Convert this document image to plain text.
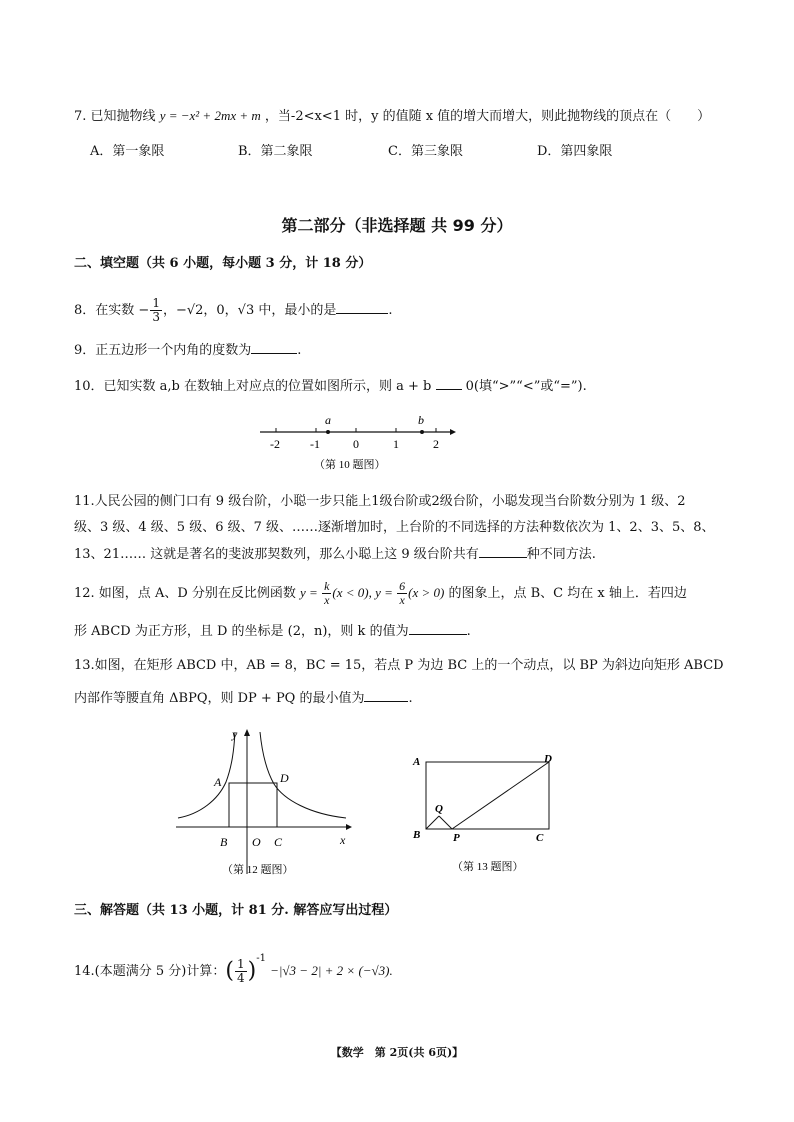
7. 已知抛物线 y = −x² + 2mx + m ，当-2<x<1 时，y 的值随 x 值的增大而增大，则此抛物线的顶点在（　　）
A．第一象限	B．第二象限	C．第三象限	D．第四象限
第二部分（非选择题 共 99 分）
二、填空题（共 6 小题，每小题 3 分，计 18 分）
8．在实数 − $\frac{1}{3}$ ，−√2，0，√3 中，最小的是	.
9．正五边形一个内角的度数为	.
10．已知实数 a,b 在数轴上对应点的位置如图所示，则 a + b	0(填“>”“<”或“=”).
a	b
-2	-1	0	1	2
（第 10 题图）
11.人民公园的侧门口有 9 级台阶，小聪一步只能上1级台阶或2级台阶，小聪发现当台阶数分别为 1 级、2
级、3 级、4 级、5 级、6 级、7 级、……逐渐增加时，上台阶的不同选择的方法种数依次为 1、2、3、5、8、
13、21…… 这就是著名的斐波那契数列，那么小聪上这 9 级台阶共有	种不同方法.
12. 如图，点 A、D 分别在反比例函数 $y = \frac{k}{x} (x < 0)$, $y = \frac{6}{x} (x > 0)$ 的图象上，点 B、C 均在 x 轴上．若四边
形 ABCD 为正方形，且 D 的坐标是 (2，n)，则 k 的值为	.
13.如图，在矩形 ABCD 中，AB = 8，BC = 15，若点 P 为边 BC 上的一个动点，以 BP 为斜边向矩形 ABCD
内部作等腰直角 ΔBPQ，则 DP + PQ 的最小值为	.
y
x
A	D
B O C
（第 12 题图）
A	D
Q
B	P	C
（第 13 题图）
三、解答题（共 13 小题，计 81 分. 解答应写出过程）
14.(本题满分 5 分)计算：( $\frac{1}{4} )^{-1} -|√3 - 2| + 2 \times (-√3)$.
【数学　第 2页(共 6页)】
